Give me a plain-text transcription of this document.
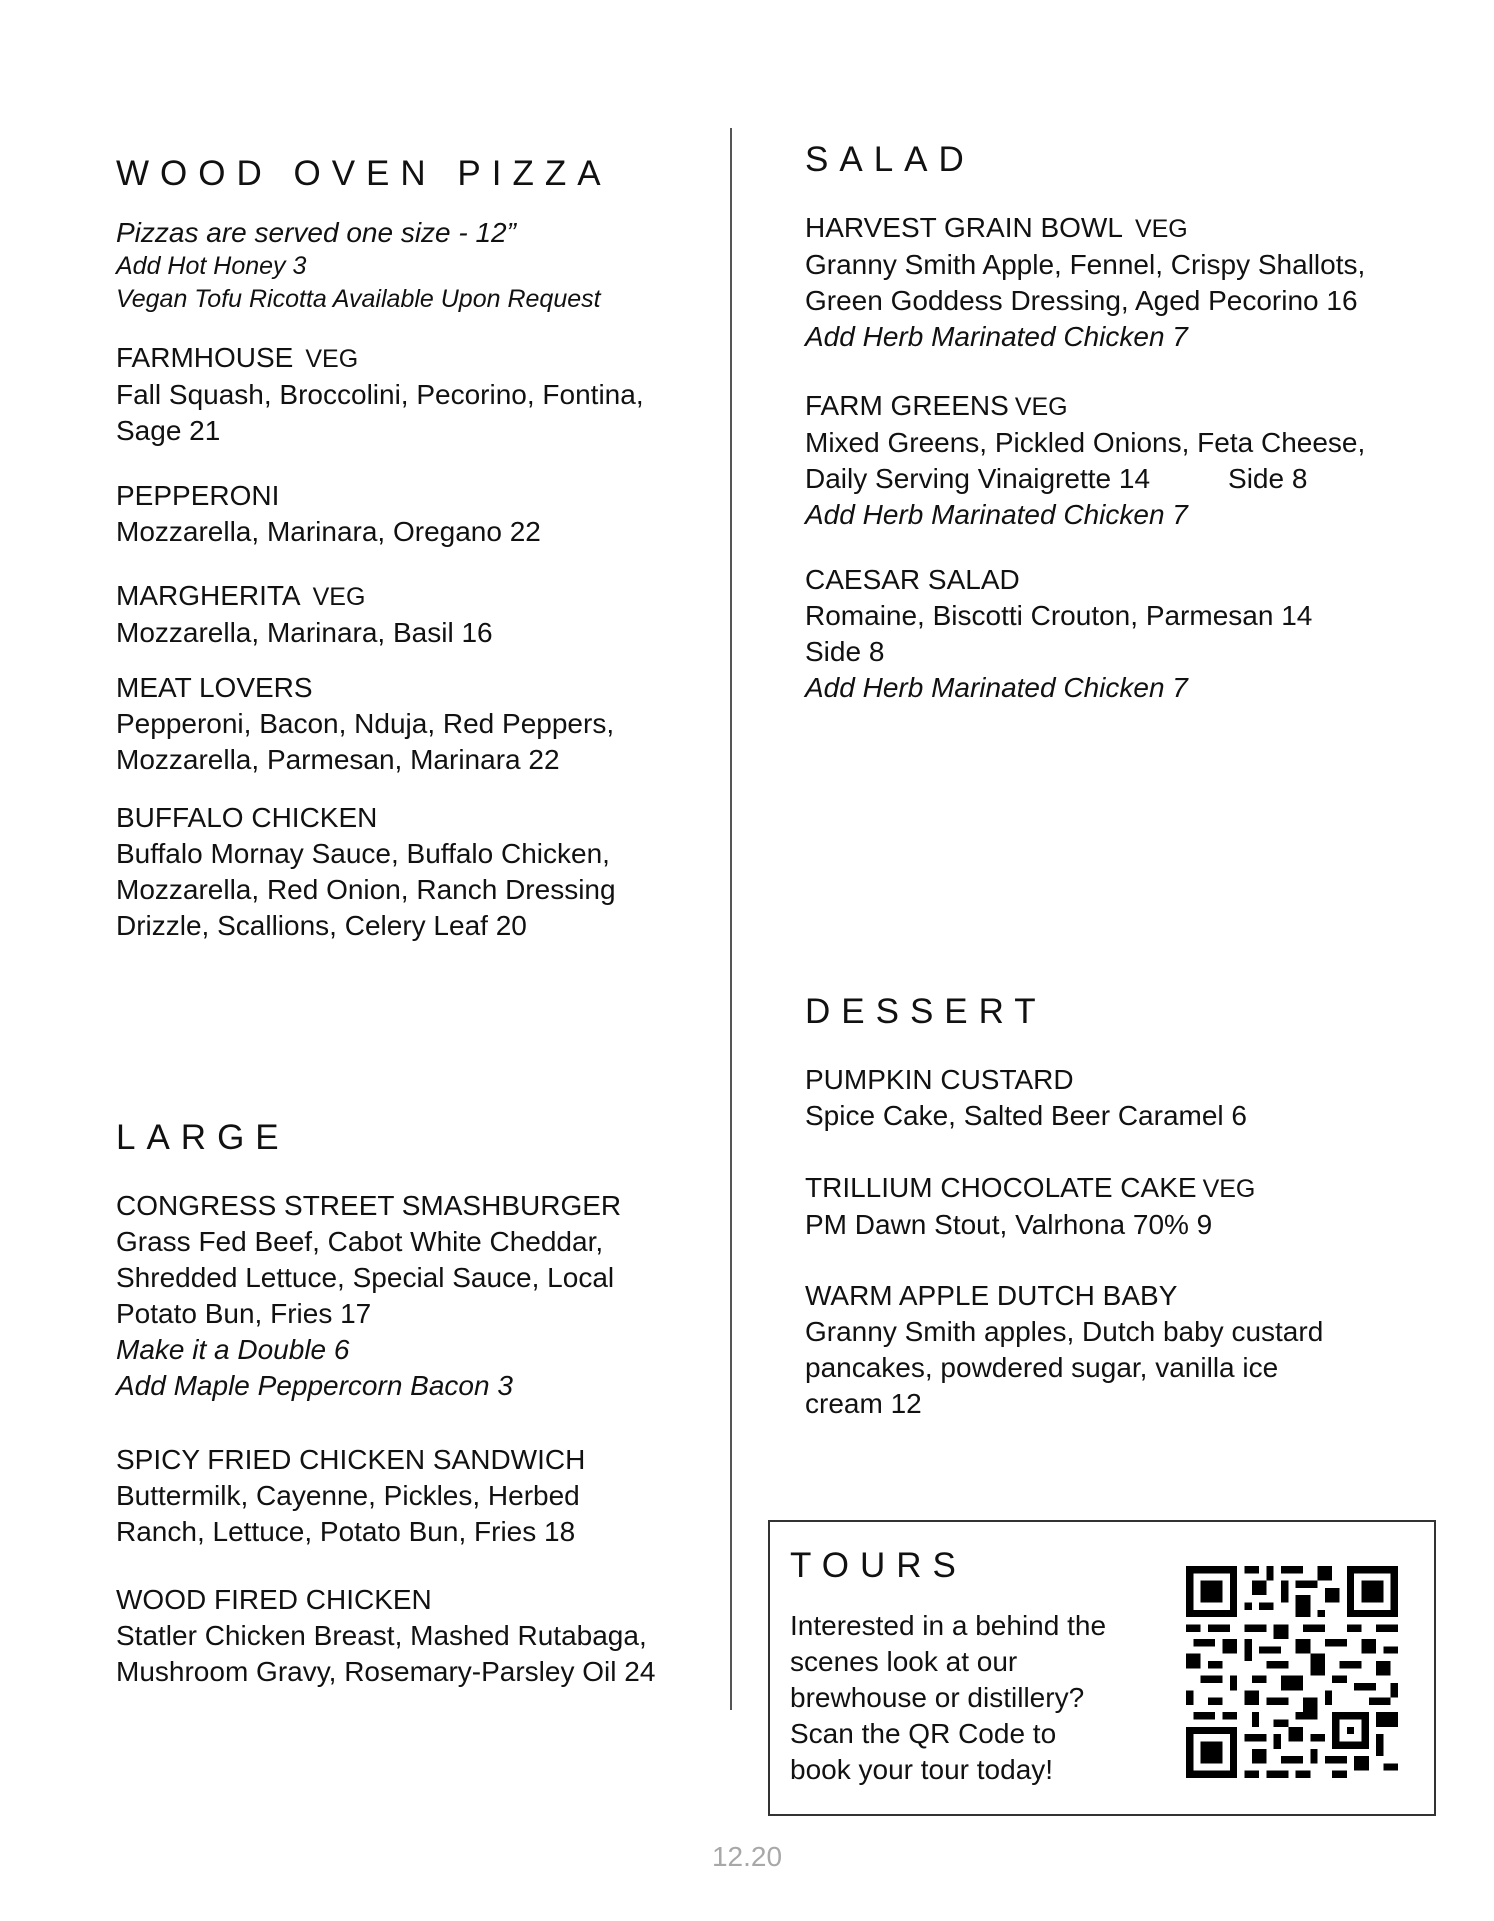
WOOD OVEN PIZZA
Pizzas are served one size - 12”
Add Hot Honey 3
Vegan Tofu Ricotta Available Upon Request
FARMHOUSE VEG
Fall Squash, Broccolini, Pecorino, Fontina,
Sage 21
PEPPERONI
Mozzarella, Marinara, Oregano 22
MARGHERITA VEG
Mozzarella, Marinara, Basil 16
MEAT LOVERS
Pepperoni, Bacon, Nduja, Red Peppers,
Mozzarella, Parmesan, Marinara 22
BUFFALO CHICKEN
Buffalo Mornay Sauce, Buffalo Chicken,
Mozzarella, Red Onion, Ranch Dressing
Drizzle, Scallions, Celery Leaf 20
LARGE
CONGRESS STREET SMASHBURGER
Grass Fed Beef, Cabot White Cheddar,
Shredded Lettuce, Special Sauce, Local
Potato Bun, Fries 17
Make it a Double 6
Add Maple Peppercorn Bacon 3
SPICY FRIED CHICKEN SANDWICH
Buttermilk, Cayenne, Pickles, Herbed
Ranch, Lettuce, Potato Bun, Fries 18
WOOD FIRED CHICKEN
Statler Chicken Breast, Mashed Rutabaga,
Mushroom Gravy, Rosemary-Parsley Oil 24
SALAD
HARVEST GRAIN BOWL VEG
Granny Smith Apple, Fennel, Crispy Shallots,
Green Goddess Dressing, Aged Pecorino 16
Add Herb Marinated Chicken 7
FARM GREENS VEG
Mixed Greens, Pickled Onions, Feta Cheese,
Daily Serving Vinaigrette 14	Side 8
Add Herb Marinated Chicken 7
CAESAR SALAD
Romaine, Biscotti Crouton, Parmesan 14
Side 8
Add Herb Marinated Chicken 7
DESSERT
PUMPKIN CUSTARD
Spice Cake, Salted Beer Caramel 6
TRILLIUM CHOCOLATE CAKE VEG
PM Dawn Stout, Valrhona 70% 9
WARM APPLE DUTCH BABY
Granny Smith apples, Dutch baby custard
pancakes, powdered sugar, vanilla ice
cream 12
TOURS
Interested in a behind the
scenes look at our
brewhouse or distillery?
Scan the QR Code to
book your tour today!
12.20
